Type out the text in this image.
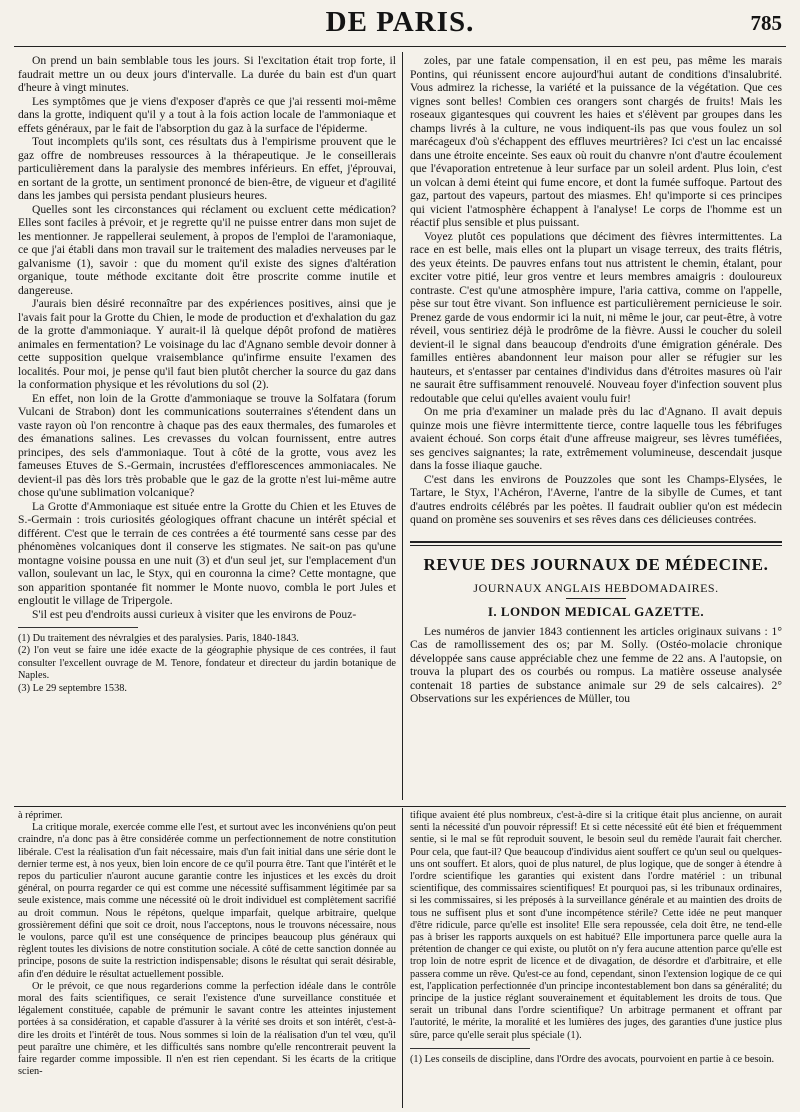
DE PARIS.	785

On prend un bain semblable tous les jours. Si l'excitation était trop forte, il faudrait mettre un ou deux jours d'intervalle. La durée du bain est d'un quart d'heure à vingt minutes.

Les symptômes que je viens d'exposer d'après ce que j'ai ressenti moi-même dans la grotte, indiquent qu'il y a tout à la fois action locale de l'ammoniaque et effets généraux, par le fait de l'absorption du gaz à la surface de l'épiderme.

Tout incomplets qu'ils sont, ces résultats dus à l'empirisme prouvent que le gaz offre de nombreuses ressources à la thérapeutique. Je le conseillerais particulièrement dans la paralysie des membres inférieurs. En effet, j'éprouvai, en sortant de la grotte, un sentiment prononcé de bien-être, de vigueur et d'agilité dans les jambes qui persista pendant plusieurs heures.

Quelles sont les circonstances qui réclament ou excluent cette médication? Elles sont faciles à prévoir, et je regrette qu'il ne puisse entrer dans mon sujet de les mentionner. Je rappellerai seulement, à propos de l'emploi de l'aramoniaque, ce que j'ai établi dans mon travail sur le traitement des maladies nerveuses par le galvanisme (1), savoir : que du moment qu'il existe des signes d'altération organique, toute méthode excitante doit être proscrite comme inutile et dangereuse.

J'aurais bien désiré reconnaître par des expériences positives, ainsi que je l'avais fait pour la Grotte du Chien, le mode de production et d'exhalation du gaz de la grotte d'ammoniaque. Y aurait-il là quelque dépôt profond de matières animales en fermentation? Le voisinage du lac d'Agnano semble devoir donner à cette supposition quelque vraisemblance qu'infirme ensuite l'examen des localités. Pour moi, je pense qu'il faut bien plutôt chercher la source du gaz dans la conformation physique et les révolutions du sol (2).

En effet, non loin de la Grotte d'ammoniaque se trouve la Solfatara (forum Vulcani de Strabon) dont les communications souterraines s'étendent dans un vaste rayon où l'on rencontre à chaque pas des eaux thermales, des fumaroles et des émanations salines. Les crevasses du volcan fournissent, entre autres principes, des sels d'ammoniaque. Tout à côté de la grotte, vous avez les fameuses Etuves de S.-Germain, incrustées d'efflorescences ammoniacales. Ne devient-il pas dès lors très probable que le gaz de la grotte n'est lui-même autre chose qu'une sublimation volcanique?

La Grotte d'Ammoniaque est située entre la Grotte du Chien et les Etuves de S.-Germain : trois curiosités géologiques offrant chacune un intérêt spécial et différent. C'est que le terrain de ces contrées a été tourmenté sans cesse par des phénomènes volcaniques dont il conserve les stigmates. Ne sait-on pas qu'une montagne voisine poussa en une nuit (3) et d'un seul jet, sur l'emplacement d'un vallon, soulevant un lac, le Styx, qui en couronna la cime? Cette montagne, que son apparition spontanée fit nommer le Monte nuovo, combla le port Jules et engloutit le village de Tripergole.

S'il est peu d'endroits aussi curieux à visiter que les environs de Pouz-

(1) Du traitement des névralgies et des paralysies. Paris, 1840-1843.

(2) l'on veut se faire une idée exacte de la géographie physique de ces contrées, il faut consulter l'excellent ouvrage de M. Tenore, fondateur et directeur du jardin botanique de Naples.

(3) Le 29 septembre 1538.

zoles, par une fatale compensation, il en est peu, pas même les marais Pontins, qui réunissent encore aujourd'hui autant de conditions d'insalubrité. Vous admirez la richesse, la variété et la puissance de la végétation. Que ces vignes sont belles! Combien ces orangers sont chargés de fruits! Mais les roseaux gigantesques qui couvrent les haies et s'élèvent par groupes dans les champs livrés à la culture, ne vous indiquent-ils pas que vous foulez un sol marécageux d'où s'échappent des effluves meurtrières? Ici c'est un lac encaissé dans une étroite enceinte. Ses eaux où rouit du chanvre n'ont d'autre écoulement que l'évaporation entretenue à leur surface par un soleil ardent. Plus loin, c'est un volcan à demi éteint qui fume encore, et dont la fumée suffoque. Partout des gaz, partout des vapeurs, partout des miasmes. Eh! qu'importe si ces principes qui vicient l'atmosphère échappent à l'analyse! Le corps de l'homme est un réactif plus sensible et plus puissant.

Voyez plutôt ces populations que déciment des fièvres intermittentes. La race en est belle, mais elles ont la plupart un visage terreux, des traits flétris, des yeux éteints. De pauvres enfans tout nus attristent le chemin, étalant, pour exciter votre pitié, leur gros ventre et leurs membres amaigris : douloureux contraste. C'est qu'une atmosphère impure, l'aria cattiva, comme on l'appelle, pèse sur tout être vivant. Son influence est particulièrement pernicieuse le soir. Prenez garde de vous endormir ici la nuit, ni même le jour, car peut-être, à votre réveil, vous sentiriez déjà le prodrôme de la fièvre. Aussi le coucher du soleil devient-il le signal dans beaucoup d'endroits d'une émigration générale. Des familles entières abandonnent leur maison pour aller se réfugier sur les hauteurs, et s'entasser par centaines d'individus dans d'étroites masures où l'air ne saurait être suffisamment renouvelé. Nouveau foyer d'infection souvent plus redoutable que celui qu'elles avaient voulu fuir!

On me pria d'examiner un malade près du lac d'Agnano. Il avait depuis quinze mois une fièvre intermittente tierce, contre laquelle tous les fébrifuges avaient échoué. Son corps était d'une affreuse maigreur, ses lèvres tuméfiées, ses gencives saignantes; la rate, extrêmement volumineuse, descendait jusque dans la fosse iliaque gauche.

C'est dans les environs de Pouzzoles que sont les Champs-Elysées, le Tartare, le Styx, l'Achéron, l'Averne, l'antre de la sibylle de Cumes, et tant d'autres endroits célébrés par les poètes. Il faudrait oublier qu'on est médecin quand on promène ses souvenirs et ses rêves dans ces délicieuses contrées.

REVUE DES JOURNAUX DE MÉDECINE.
JOURNAUX ANGLAIS HEBDOMADAIRES.
I. LONDON MEDICAL GAZETTE.

Les numéros de janvier 1843 contiennent les articles originaux suivans : 1° Cas de ramollissement des os; par M. Solly. (Ostéo-molacie chronique développée sans cause appréciable chez une femme de 22 ans. A l'autopsie, on trouva la plupart des os courbés ou rompus. La matière osseuse analysée contenait 18 parties de substance animale sur 29 de sels calcaires). 2° Observations sur les expériences de Müller, tou

à réprimer.

La critique morale, exercée comme elle l'est, et surtout avec les inconvéniens qu'on peut craindre, n'a donc pas à être considérée comme un perfectionnement de notre constitution libérale. C'est la réalisation d'un fait nécessaire, mais d'un fait initial dans une série dont le dernier terme est, à nos yeux, bien loin encore de ce qu'il pourra être. Tant que l'intérêt et le repos du particulier n'auront aucune garantie contre les injustices et les excès du droit général, on pourra regarder ce qui est comme une nécessité suffisamment légitimée par sa seule existence, mais comme une nécessité où le droit individuel est complètement sacrifié au droit commun. Nous le répétons, quelque imparfait, quelque arbitraire, quelque grossièrement défini que soit ce droit, nous l'acceptons, nous le trouvons nécessaire, nous le voulons, parce qu'il est une conséquence de principes beaucoup plus généraux qui règlent toutes les divisions de notre constitution sociale. A côté de cette sanction donnée au principe, posons de suite la restriction indispensable; disons le résultat qui serait désirable, afin d'en déduire le résultat actuellement possible.

Or le prévoit, ce que nous regarderions comme la perfection idéale dans le contrôle moral des faits scientifiques, ce serait l'existence d'une surveillance constituée et légalement constituée, capable de prémunir le savant contre les atteintes injustement portées à sa considération, et capable d'assurer à la vérité ses droits et son intérêt, c'est-à-dire les droits et l'intérêt de tous. Nous sommes si loin de la réalisation d'un tel vœu, qu'il peut paraître une chimère, et les difficultés sans nombre qu'elle rencontrerait peuvent la faire regarder comme impossible. Il n'en est rien cependant. Si les écarts de la critique scien-

tifique avaient été plus nombreux, c'est-à-dire si la critique était plus ancienne, on aurait senti la nécessité d'un pouvoir répressif! Et si cette nécessité eût été bien et fréquemment sentie, si le mal se fût reproduit souvent, le besoin seul du remède l'aurait fait chercher. Pour cela, que faut-il? Que beaucoup d'individus aient souffert ce qu'un seul ou quelques-uns ont souffert. Et alors, quoi de plus naturel, de plus logique, que de songer à étendre à l'ordre scientifique les garanties qui existent dans l'ordre matériel : un tribunal scientifique, des commissaires scientifiques! Et pourquoi pas, si les tribunaux ordinaires, si les commissaires, si les préposés à la surveillance générale et au maintien des droits de tous ne suffisent plus et sont d'une incompétence stérile? Cette idée ne peut manquer d'être ridicule, parce qu'elle est insolite! Elle sera repoussée, cela doit être, ne tend-elle pas à briser les rapports auxquels on est habitué? Elle importunera parce quelle aura la prétention de changer ce qui existe, ou plutôt on n'y fera aucune attention parce qu'elle est trop loin de notre esprit de licence et de divagation, de désordre et d'arbitraire, et elle passera comme un rêve. Qu'est-ce au fond, cependant, sinon l'extension logique de ce qui est, l'application perfectionnée d'un principe incontestablement bon dans sa généralité; du principe de la justice réglant souverainement et équitablement les droits de tous. Que serait un tribunal dans l'ordre scientifique? Un arbitrage permanent et offrant par l'autorité, le mérite, la moralité et les lumières des juges, des garanties d'une justice plus sûre, parce qu'elle serait plus spéciale (1).

(1) Les conseils de discipline, dans l'Ordre des avocats, pourvoient en partie à ce besoin.
